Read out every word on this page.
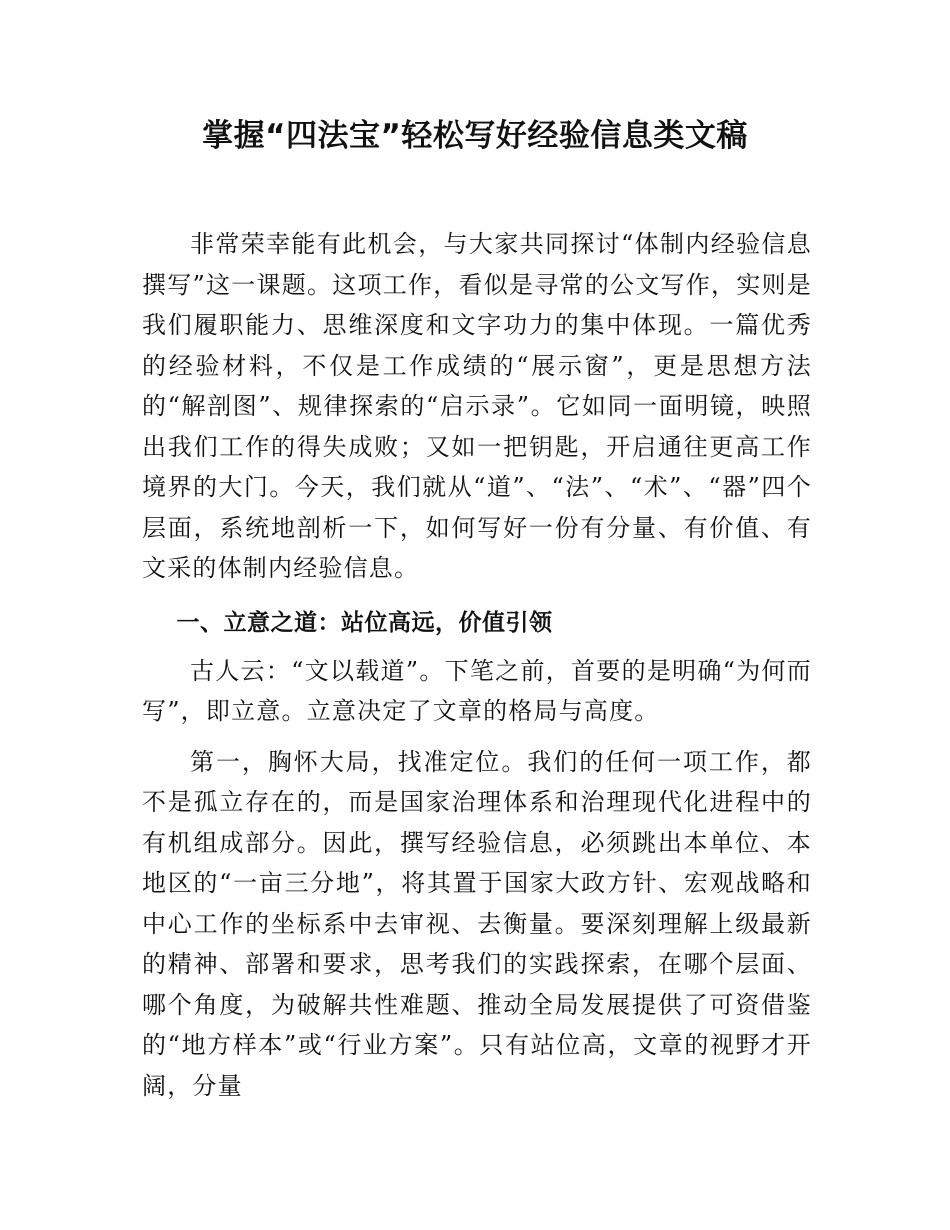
掌握“四法宝”轻松写好经验信息类文稿

非常荣幸能有此机会，与大家共同探讨“体制内经验信息撰写”这一课题。这项工作，看似是寻常的公文写作，实则是我们履职能力、思维深度和文字功力的集中体现。一篇优秀的经验材料，不仅是工作成绩的“展示窗”，更是思想方法的“解剖图”、规律探索的“启示录”。它如同一面明镜，映照出我们工作的得失成败；又如一把钥匙，开启通往更高工作境界的大门。今天，我们就从“道”、“法”、“术”、“器”四个层面，系统地剖析一下，如何写好一份有分量、有价值、有文采的体制内经验信息。

一、立意之道：站位高远，价值引领

古人云：“文以载道”。下笔之前，首要的是明确“为何而写”，即立意。立意决定了文章的格局与高度。

第一，胸怀大局，找准定位。我们的任何一项工作，都不是孤立存在的，而是国家治理体系和治理现代化进程中的有机组成部分。因此，撰写经验信息，必须跳出本单位、本地区的“一亩三分地”，将其置于国家大政方针、宏观战略和中心工作的坐标系中去审视、去衡量。要深刻理解上级最新的精神、部署和要求，思考我们的实践探索，在哪个层面、哪个角度，为破解共性难题、推动全局发展提供了可资借鉴的“地方样本”或“行业方案”。只有站位高，文章的视野才开阔，分量
